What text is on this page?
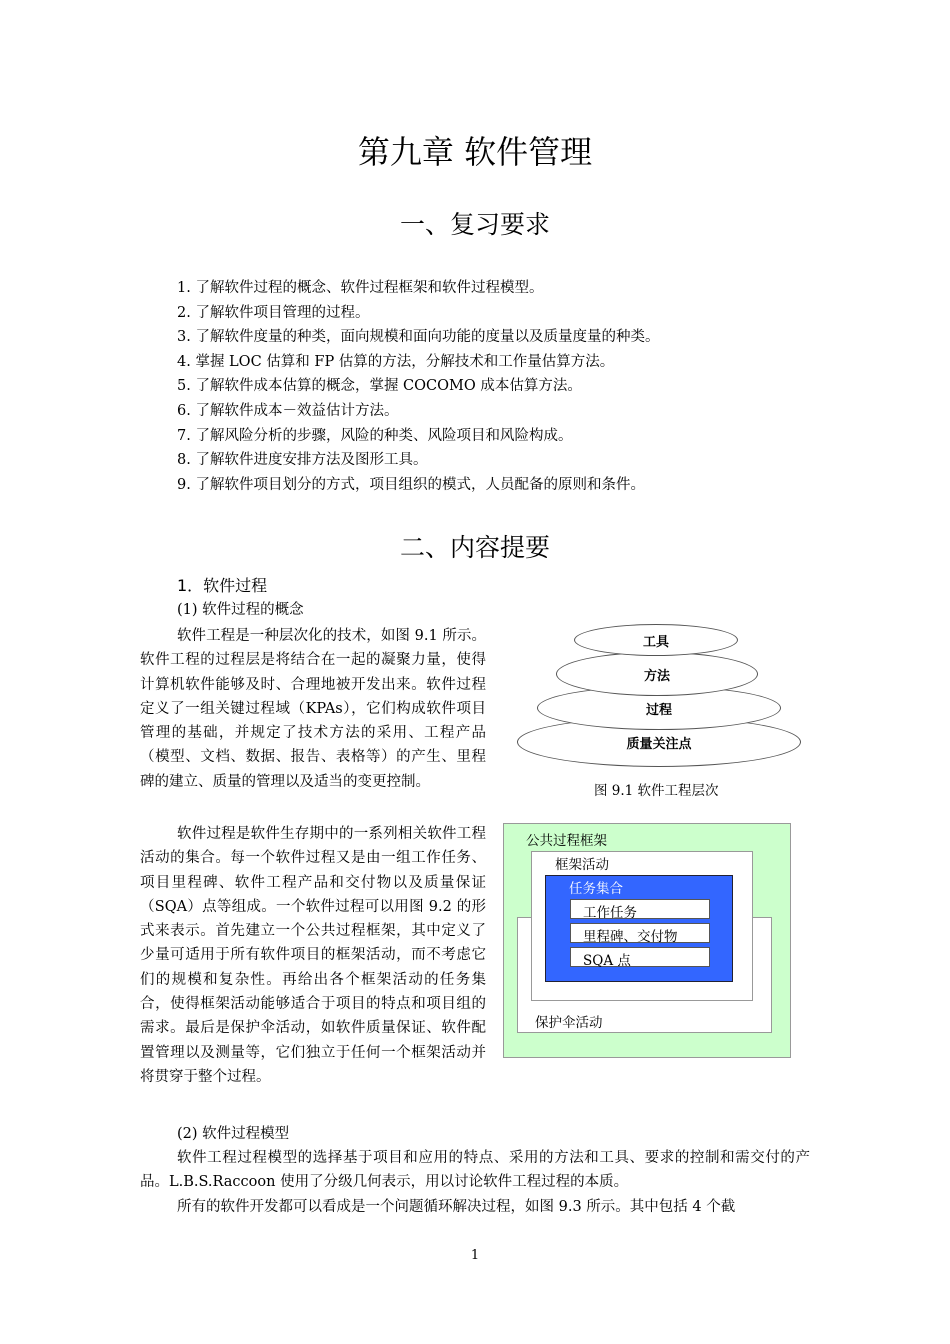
第九章 软件管理
一、复习要求
1. 了解软件过程的概念、软件过程框架和软件过程模型。
2. 了解软件项目管理的过程。
3. 了解软件度量的种类，面向规模和面向功能的度量以及质量度量的种类。
4. 掌握 LOC 估算和 FP 估算的方法，分解技术和工作量估算方法。
5. 了解软件成本估算的概念，掌握 COCOMO 成本估算方法。
6. 了解软件成本－效益估计方法。
7. 了解风险分析的步骤，风险的种类、风险项目和风险构成。
8. 了解软件进度安排方法及图形工具。
9. 了解软件项目划分的方式，项目组织的模式，人员配备的原则和条件。
二、内容提要
1．软件过程
(1) 软件过程的概念
软件工程是一种层次化的技术，如图 9.1 所示。软件工程的过程层是将结合在一起的凝聚力量，使得计算机软件能够及时、合理地被开发出来。软件过程定义了一组关键过程域（KPAs），它们构成软件项目管理的基础，并规定了技术方法的采用、工程产品（模型、文档、数据、报告、表格等）的产生、里程碑的建立、质量的管理以及适当的变更控制。
软件过程是软件生存期中的一系列相关软件工程活动的集合。每一个软件过程又是由一组工作任务、项目里程碑、软件工程产品和交付物以及质量保证（SQA）点等组成。一个软件过程可以用图 9.2 的形式来表示。首先建立一个公共过程框架，其中定义了少量可适用于所有软件项目的框架活动，而不考虑它们的规模和复杂性。再给出各个框架活动的任务集合，使得框架活动能够适合于项目的特点和项目组的需求。最后是保护伞活动，如软件质量保证、软件配置管理以及测量等，它们独立于任何一个框架活动并将贯穿于整个过程。
(2) 软件过程模型
软件工程过程模型的选择基于项目和应用的特点、采用的方法和工具、要求的控制和需交付的产品。L.B.S.Raccoon 使用了分级几何表示，用以讨论软件工程过程的本质。
所有的软件开发都可以看成是一个问题循环解决过程，如图 9.3 所示。其中包括 4 个截
质量关注点
过程
方法
工具
图 9.1 软件工程层次
公共过程框架
保护伞活动
框架活动
任务集合
工作任务
里程碑、交付物
SQA 点
1
